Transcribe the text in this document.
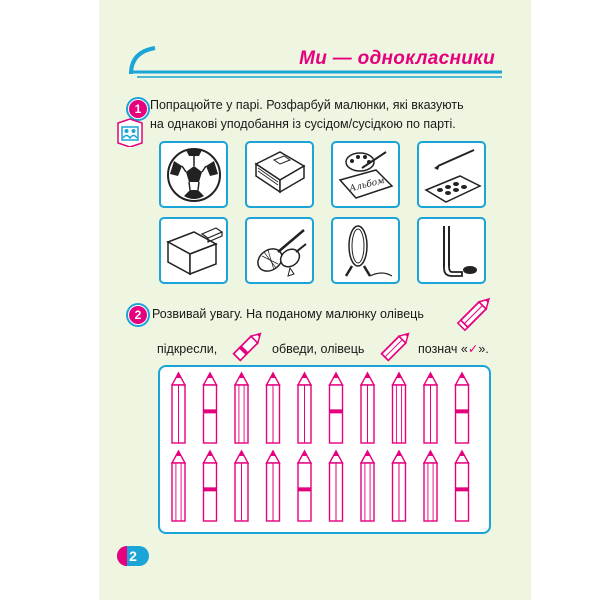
Ми — однокласники
1 Попрацюйте у парі. Розфарбуй малюнки, які вказують
на однакові уподобання із сусідом/сусідкою по парті.
Альбом
2 Розвивай увагу. На поданому малюнку олівець
підкресли,	обведи, олівець	познач «✓».
2
